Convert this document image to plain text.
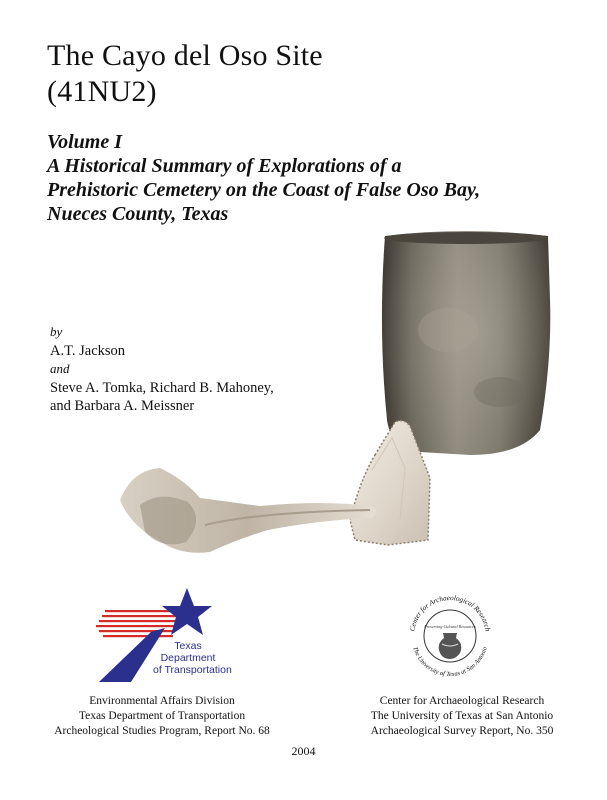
The Cayo del Oso Site
(41NU2)
Volume I
A Historical Summary of Explorations of a
Prehistoric Cemetery on the Coast of False Oso Bay,
Nueces County, Texas
by
A.T. Jackson
and
Steve A. Tomka, Richard B. Mahoney,
and Barbara A. Meissner
Texas
Department
of Transportation
Center for Archaeological Research
The University of Texas at San Antonio
Preserving Cultural Resources
Environmental Affairs Division
Texas Department of Transportation
Archeological Studies Program, Report No. 68
Center for Archaeological Research
The University of Texas at San Antonio
Archaeological Survey Report, No. 350
2004
